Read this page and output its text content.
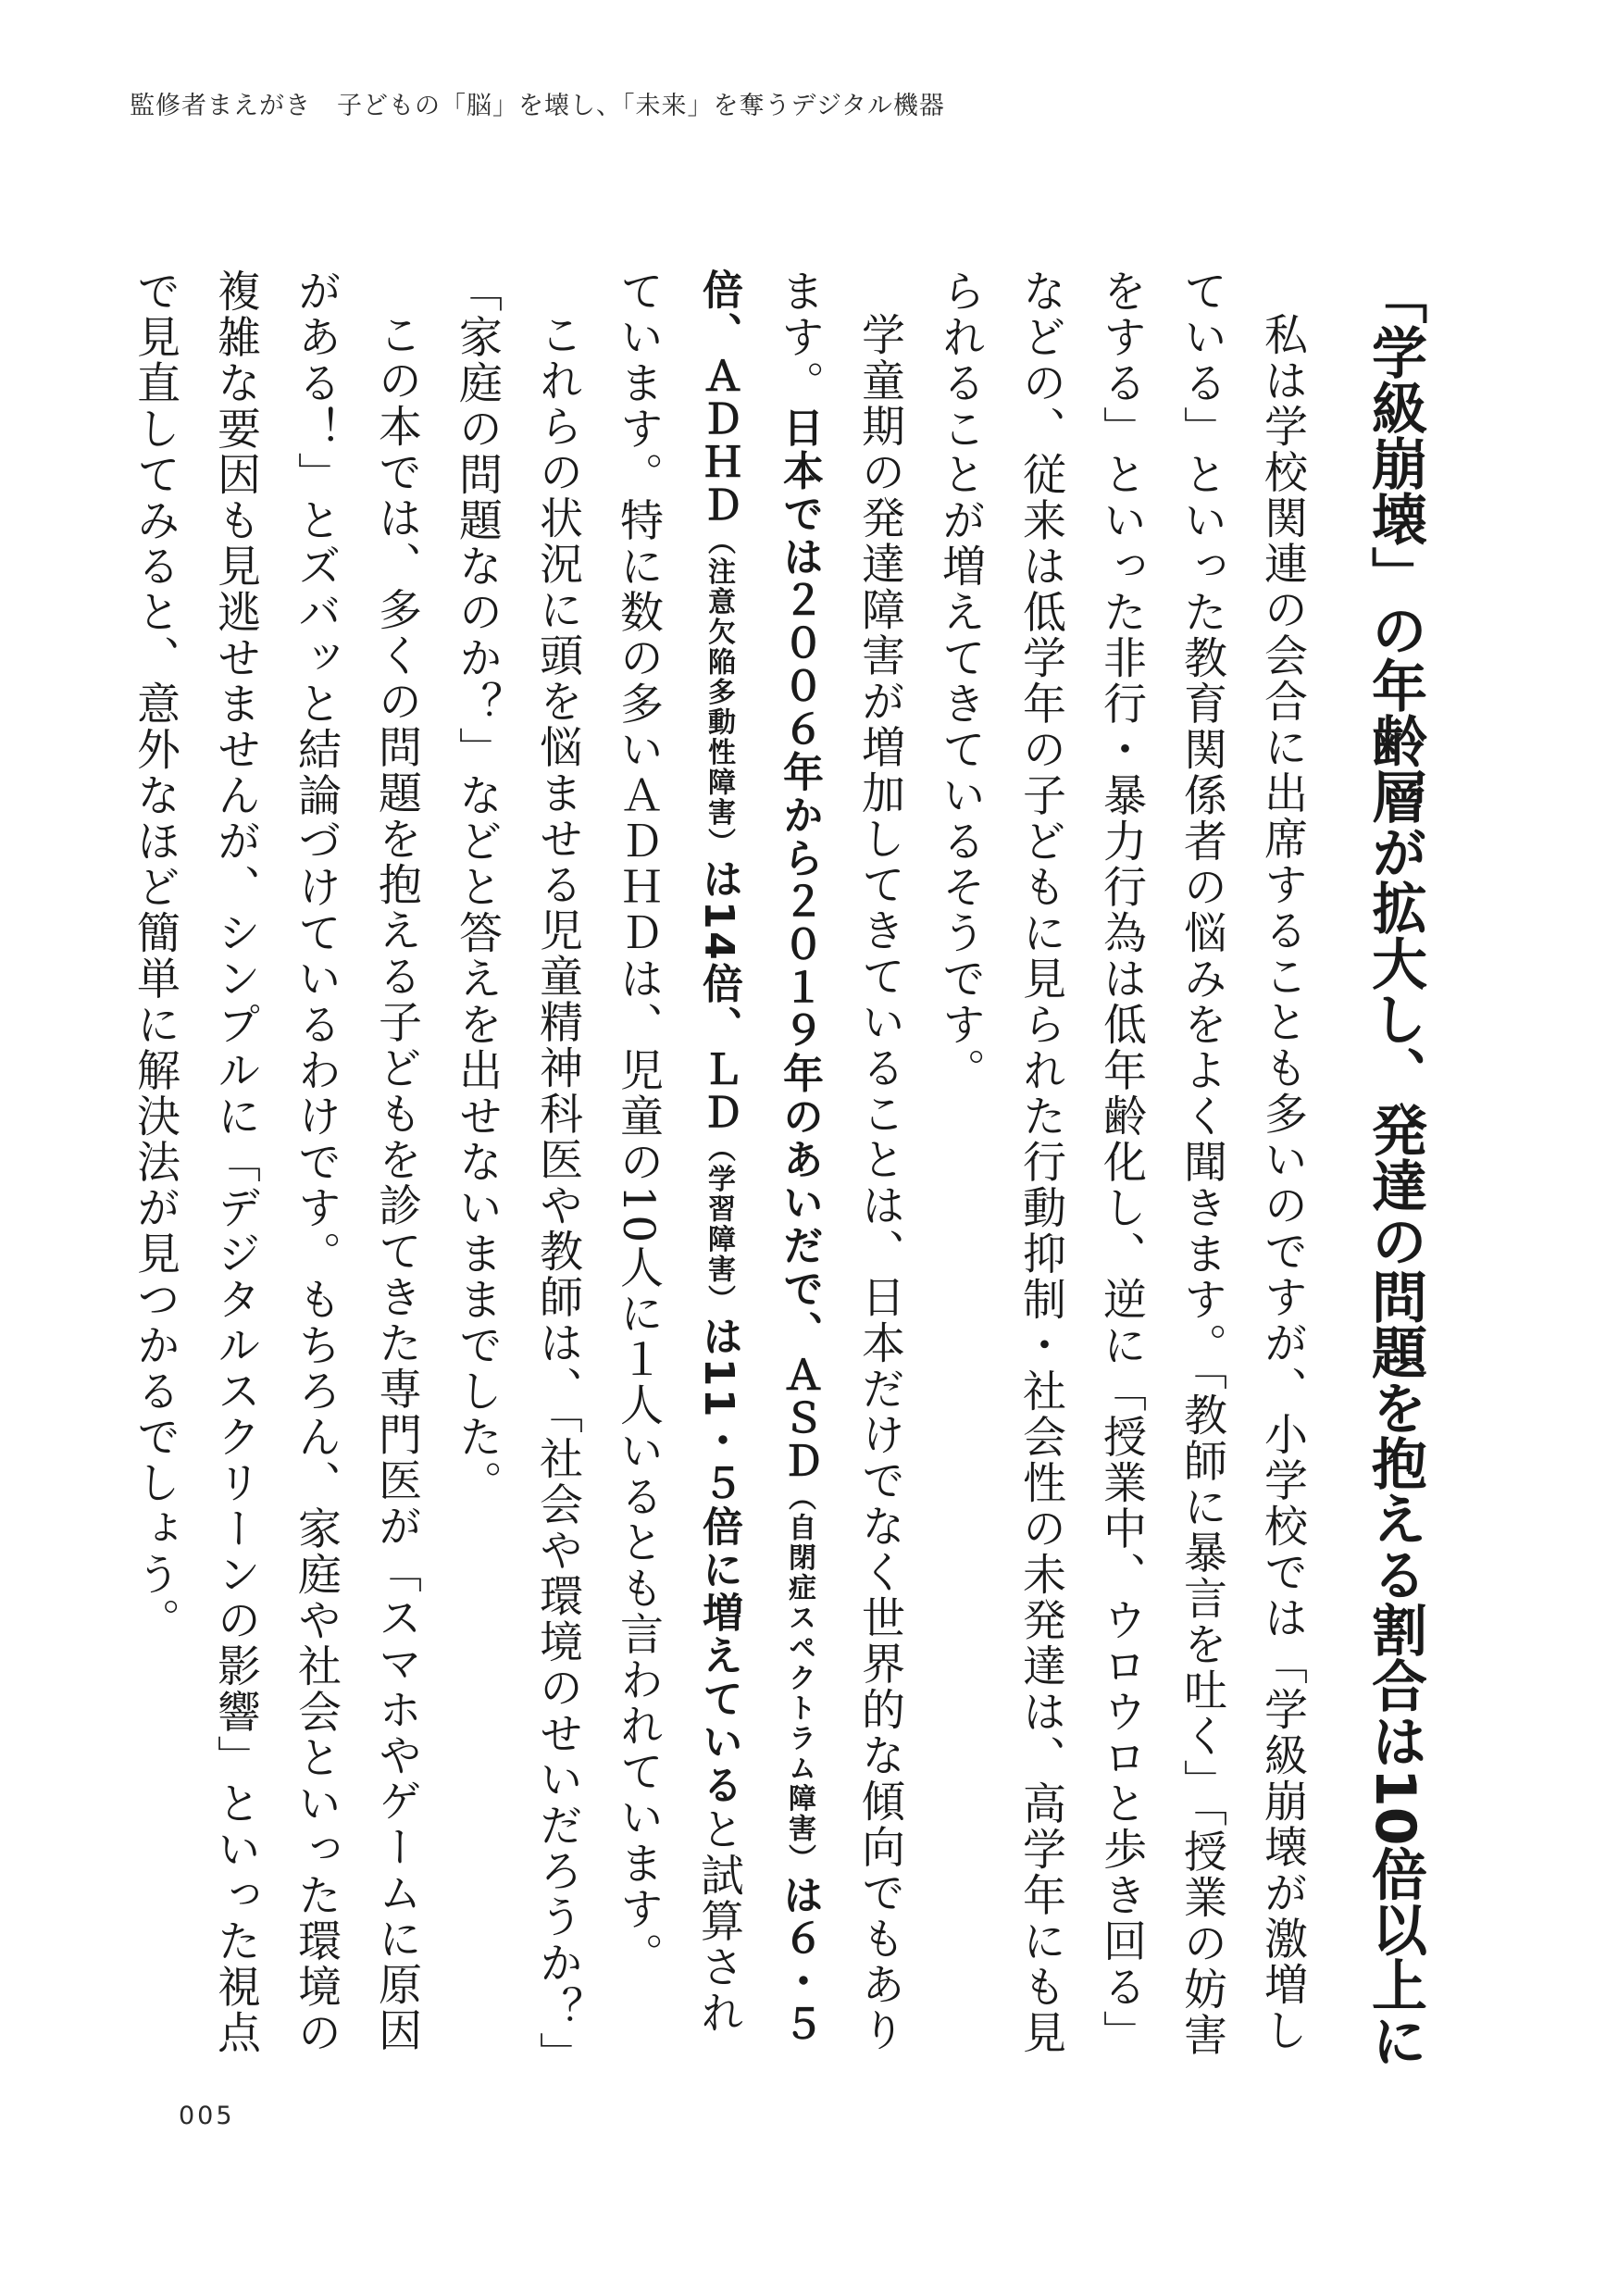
監修者まえがき　子どもの「脳」を壊し、「未来」を奪うデジタル機器
「学級崩壊」の年齢層が拡大し、発達の問題を抱える割合は10倍以上に

私は学校関連の会合に出席することも多いのですが、小学校では「学級崩壊が激増している」といった教育関係者の悩みをよく聞きます。「教師に暴言を吐く」「授業の妨害をする」といった非行・暴力行為は低年齢化し、逆に「授業中、ウロウロと歩き回る」などの、従来は低学年の子どもに見られた行動抑制・社会性の未発達は、高学年にも見られることが増えてきているそうです。

学童期の発達障害が増加してきていることは、日本だけでなく世界的な傾向でもあります。日本では２００６年から２０１９年のあいだで、ＡＳＤ（自閉症スペクトラム障害）は６・５倍、ＡＤＨＤ（注意欠陥多動性障害）は14倍、ＬＤ（学習障害）は11・５倍に増えていると試算されています。特に数の多いＡＤＨＤは、児童の10人に１人いるとも言われています。

これらの状況に頭を悩ませる児童精神科医や教師は、「社会や環境のせいだろうか？」「家庭の問題なのか？」などと答えを出せないままでした。

この本では、多くの問題を抱える子どもを診てきた専門医が「スマホやゲームに原因がある！」とズバッと結論づけているわけです。もちろん、家庭や社会といった環境の複雑な要因も見逃せませんが、シンプルに「デジタルスクリーンの影響」といった視点で見直してみると、意外なほど簡単に解決法が見つかるでしょう。

005
